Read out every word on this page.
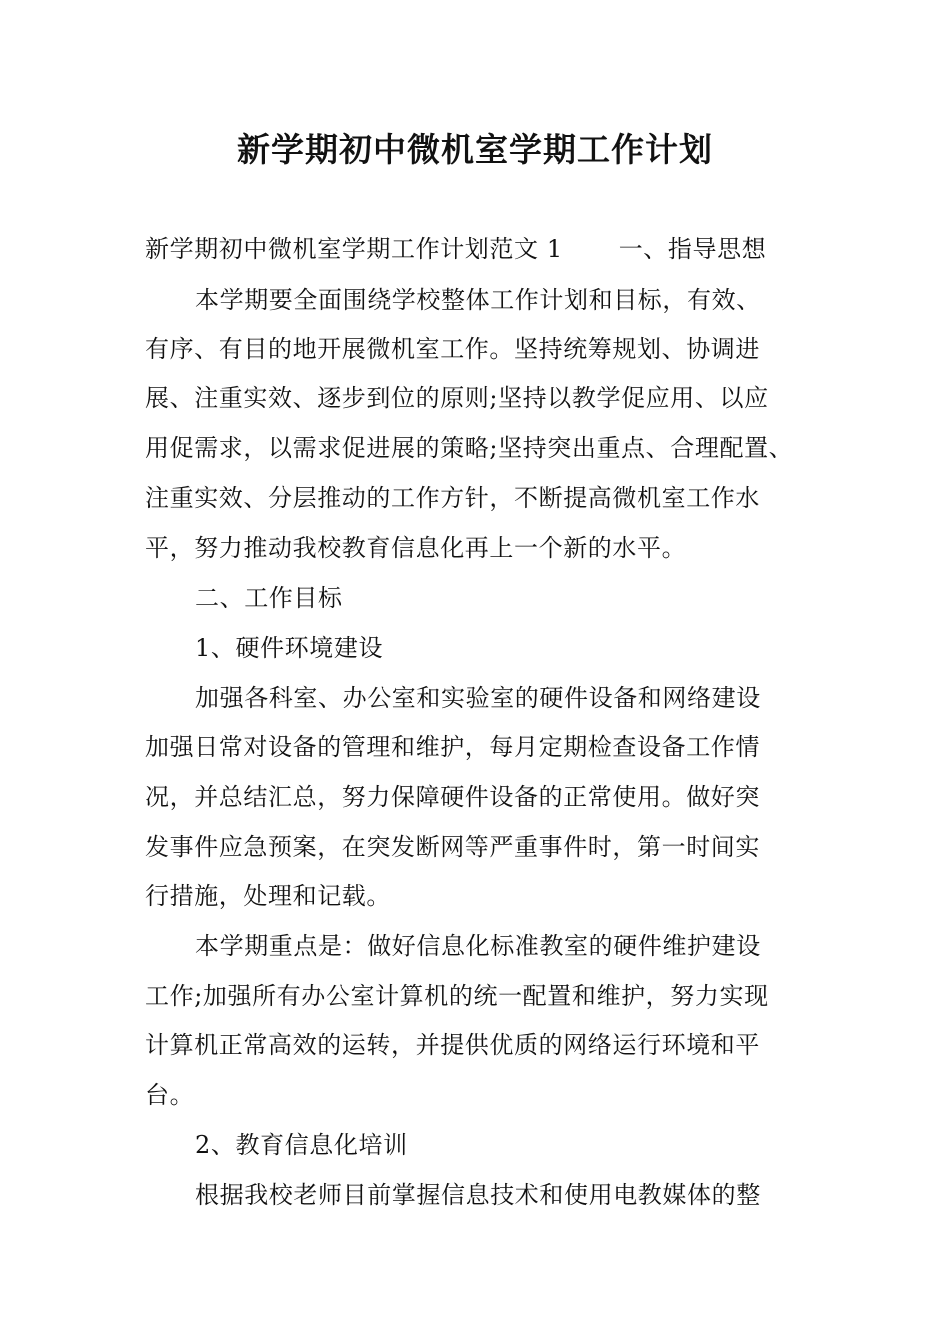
新学期初中微机室学期工作计划
新学期初中微机室学期工作计划范文 1 一、指导思想
本学期要全面围绕学校整体工作计划和目标，有效、
有序、有目的地开展微机室工作。坚持统筹规划、协调进
展、注重实效、逐步到位的原则;坚持以教学促应用、以应
用促需求，以需求促进展的策略;坚持突出重点、合理配置、
注重实效、分层推动的工作方针，不断提高微机室工作水
平，努力推动我校教育信息化再上一个新的水平。
二、工作目标
1、硬件环境建设
加强各科室、办公室和实验室的硬件设备和网络建设
加强日常对设备的管理和维护，每月定期检查设备工作情
况，并总结汇总，努力保障硬件设备的正常使用。做好突
发事件应急预案，在突发断网等严重事件时，第一时间实
行措施，处理和记载。
本学期重点是：做好信息化标准教室的硬件维护建设
工作;加强所有办公室计算机的统一配置和维护，努力实现
计算机正常高效的运转，并提供优质的网络运行环境和平
台。
2、教育信息化培训
根据我校老师目前掌握信息技术和使用电教媒体的整
